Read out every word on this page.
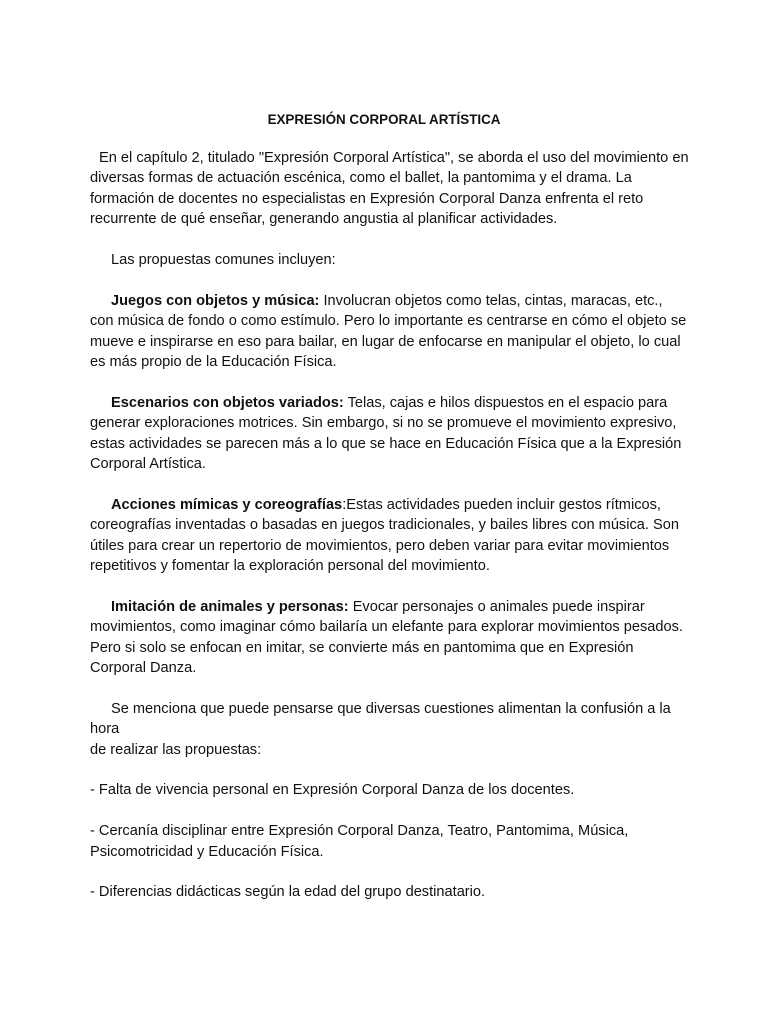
EXPRESIÓN CORPORAL ARTÍSTICA

En el capítulo 2, titulado "Expresión Corporal Artística", se aborda el uso del movimiento en diversas formas de actuación escénica, como el ballet, la pantomima y el drama. La formación de docentes no especialistas en Expresión Corporal Danza enfrenta el reto recurrente de qué enseñar, generando angustia al planificar actividades.

Las propuestas comunes incluyen:

Juegos con objetos y música: Involucran objetos como telas, cintas, maracas, etc., con música de fondo o como estímulo. Pero lo importante es centrarse en cómo el objeto se mueve e inspirarse en eso para bailar, en lugar de enfocarse en manipular el objeto, lo cual es más propio de la Educación Física.

Escenarios con objetos variados: Telas, cajas e hilos dispuestos en el espacio para generar exploraciones motrices. Sin embargo, si no se promueve el movimiento expresivo, estas actividades se parecen más a lo que se hace en Educación Física que a la Expresión Corporal Artística.

Acciones mímicas y coreografías:Estas actividades pueden incluir gestos rítmicos, coreografías inventadas o basadas en juegos tradicionales, y bailes libres con música. Son útiles para crear un repertorio de movimientos, pero deben variar para evitar movimientos repetitivos y fomentar la exploración personal del movimiento.

Imitación de animales y personas: Evocar personajes o animales puede inspirar movimientos, como imaginar cómo bailaría un elefante para explorar movimientos pesados. Pero si solo se enfocan en imitar, se convierte más en pantomima que en Expresión Corporal Danza.

Se menciona que puede pensarse que diversas cuestiones alimentan la confusión a la hora
de realizar las propuestas:

- Falta de vivencia personal en Expresión Corporal Danza de los docentes.

- Cercanía disciplinar entre Expresión Corporal Danza, Teatro, Pantomima, Música, Psicomotricidad y Educación Física.

- Diferencias didácticas según la edad del grupo destinatario.
